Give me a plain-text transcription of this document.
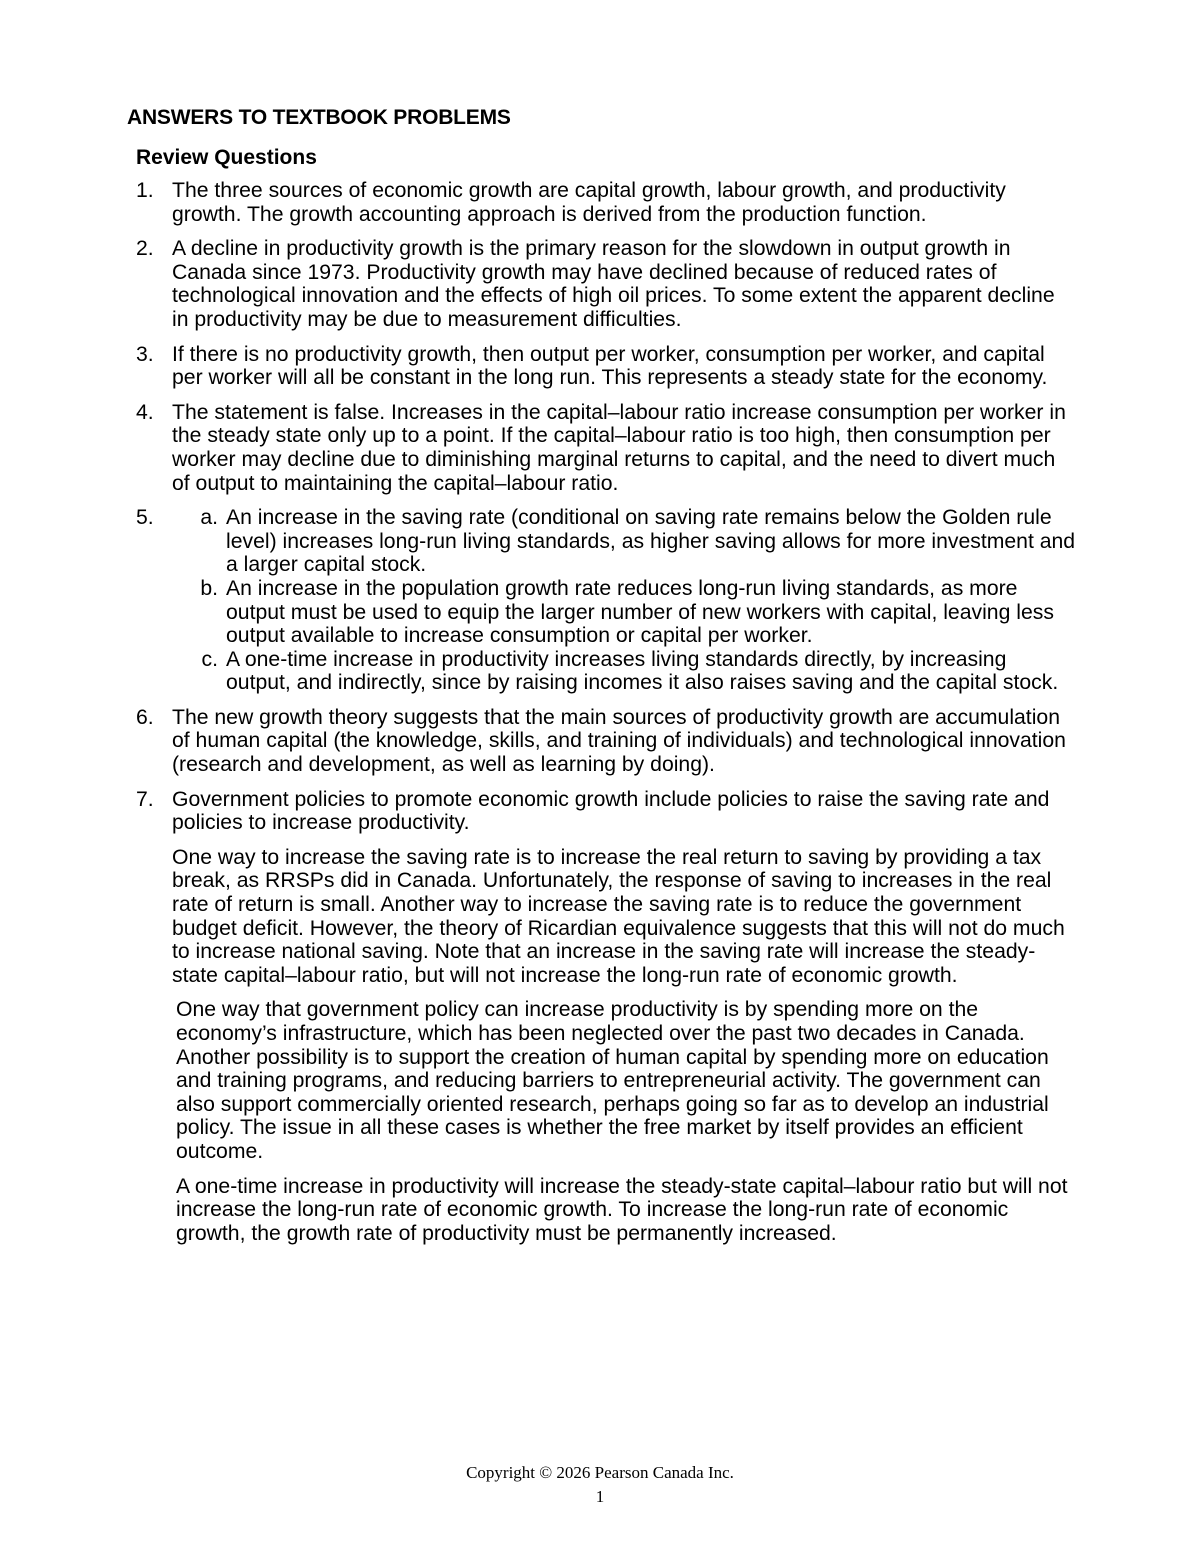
ANSWERS TO TEXTBOOK PROBLEMS
Review Questions
1. The three sources of economic growth are capital growth, labour growth, and productivity growth. The growth accounting approach is derived from the production function.

2. A decline in productivity growth is the primary reason for the slowdown in output growth in Canada since 1973. Productivity growth may have declined because of reduced rates of technological innovation and the effects of high oil prices. To some extent the apparent decline in productivity may be due to measurement difficulties.

3. If there is no productivity growth, then output per worker, consumption per worker, and capital per worker will all be constant in the long run. This represents a steady state for the economy.

4. The statement is false. Increases in the capital–labour ratio increase consumption per worker in the steady state only up to a point. If the capital–labour ratio is too high, then consumption per worker may decline due to diminishing marginal returns to capital, and the need to divert much of output to maintaining the capital–labour ratio.

5.	a. An increase in the saving rate (conditional on saving rate remains below the Golden rule level) increases long-run living standards, as higher saving allows for more investment and a larger capital stock.
b. An increase in the population growth rate reduces long-run living standards, as more output must be used to equip the larger number of new workers with capital, leaving less output available to increase consumption or capital per worker.
c. A one-time increase in productivity increases living standards directly, by increasing output, and indirectly, since by raising incomes it also raises saving and the capital stock.
6. The new growth theory suggests that the main sources of productivity growth are accumulation of human capital (the knowledge, skills, and training of individuals) and technological innovation (research and development, as well as learning by doing).

7. Government policies to promote economic growth include policies to raise the saving rate and policies to increase productivity.

One way to increase the saving rate is to increase the real return to saving by providing a tax break, as RRSPs did in Canada. Unfortunately, the response of saving to increases in the real rate of return is small. Another way to increase the saving rate is to reduce the government budget deficit. However, the theory of Ricardian equivalence suggests that this will not do much to increase national saving. Note that an increase in the saving rate will increase the steady-state capital–labour ratio, but will not increase the long-run rate of economic growth.

One way that government policy can increase productivity is by spending more on the economy’s infrastructure, which has been neglected over the past two decades in Canada. Another possibility is to support the creation of human capital by spending more on education and training programs, and reducing barriers to entrepreneurial activity. The government can also support commercially oriented research, perhaps going so far as to develop an industrial policy. The issue in all these cases is whether the free market by itself provides an efficient outcome.

A one-time increase in productivity will increase the steady-state capital–labour ratio but will not increase the long-run rate of economic growth. To increase the long-run rate of economic growth, the growth rate of productivity must be permanently increased.

Copyright © 2026 Pearson Canada Inc.
1
